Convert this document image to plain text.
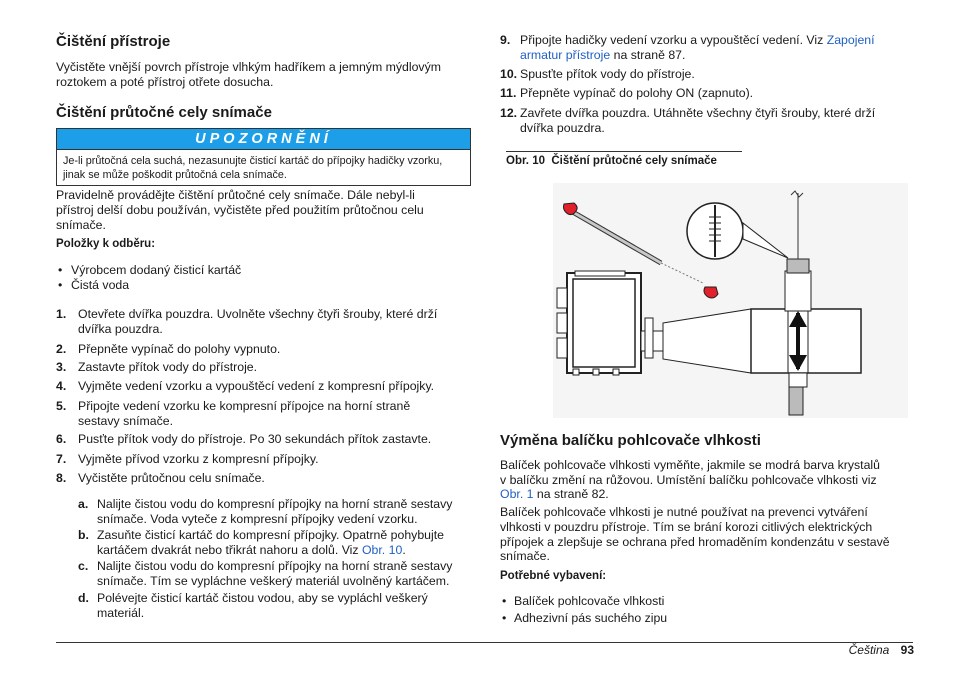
Čištění přístroje

Vyčistěte vnější povrch přístroje vlhkým hadříkem a jemným mýdlovým

roztokem a poté přístroj otřete dosucha.

Čištění průtočné cely snímače
UPOZORNĚNÍ
Je-li průtočná cela suchá, nezasunujte čisticí kartáč do přípojky hadičky vzorku,
jinak se může poškodit průtočná cela snímače.

Pravidelně provádějte čištění průtočné cely snímače. Dále nebyl-li

přístroj delší dobu používán, vyčistěte před použitím průtočnou celu

snímače.

Položky k odběru:

• Výrobcem dodaný čisticí kartáč

• Čistá voda

1. Otevřete dvířka pouzdra. Uvolněte všechny čtyři šrouby, které drží
dvířka pouzdra.
2. Přepněte vypínač do polohy vypnuto.
3. Zastavte přítok vody do přístroje.
4. Vyjměte vedení vzorku a vypouštěcí vedení z kompresní přípojky.
5. Připojte vedení vzorku ke kompresní přípojce na horní straně
sestavy snímače.
6. Pusťte přítok vody do přístroje. Po 30 sekundách přítok zastavte.
7. Vyjměte přívod vzorku z kompresní přípojky.
8. Vyčistěte průtočnou celu snímače.
a. Nalijte čistou vodu do kompresní přípojky na horní straně sestavy
snímače. Voda vyteče z kompresní přípojky vedení vzorku.
b. Zasuňte čisticí kartáč do kompresní přípojky. Opatrně pohybujte
kartáčem dvakrát nebo třikrát nahoru a dolů. Viz Obr. 10.
c. Nalijte čistou vodu do kompresní přípojky na horní straně sestavy
snímače. Tím se vypláchne veškerý materiál uvolněný kartáčem.
d. Polévejte čisticí kartáč čistou vodou, aby se vypláchl veškerý
materiál.
9. Připojte hadičky vedení vzorku a vypouštěcí vedení. Viz Zapojení
armatur přístroje na straně 87.
10. Spusťte přítok vody do přístroje.
11. Přepněte vypínač do polohy ON (zapnuto).
12. Zavřete dvířka pouzdra. Utáhněte všechny čtyři šrouby, které drží
dvířka pouzdra.

Obr. 10  Čištění průtočné cely snímače

Výměna balíčku pohlcovače vlhkosti

Balíček pohlcovače vlhkosti vyměňte, jakmile se modrá barva krystalů

v balíčku změní na růžovou. Umístění balíčku pohlcovače vlhkosti viz

Obr. 1 na straně 82.

Balíček pohlcovače vlhkosti je nutné používat na prevenci vytváření

vlhkosti v pouzdru přístroje. Tím se brání korozi citlivých elektrických

přípojek a zlepšuje se ochrana před hromaděním kondenzátu v sestavě

snímače.

Potřebné vybavení:

• Balíček pohlcovače vlhkosti

• Adhezivní pás suchého zipu

Čeština 93
